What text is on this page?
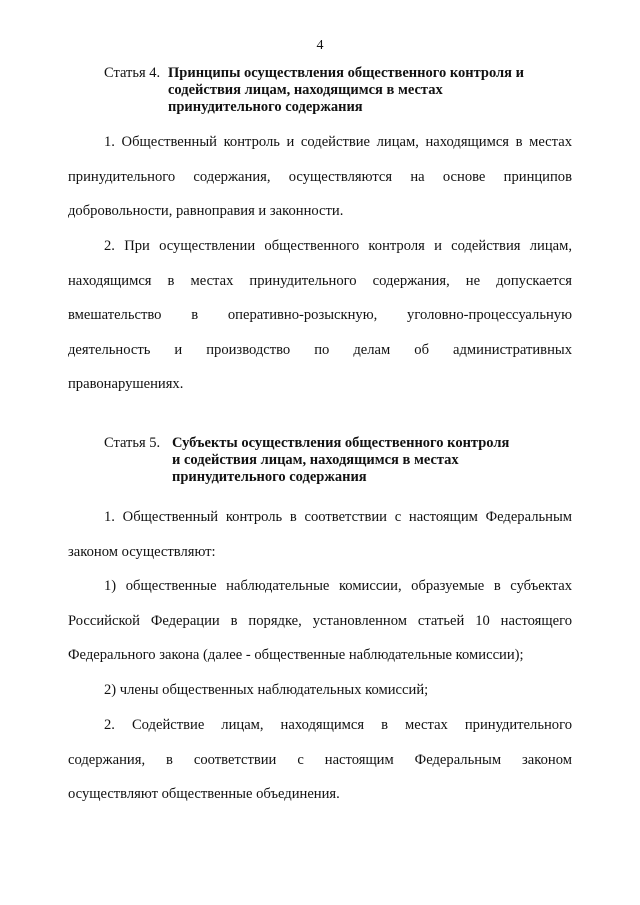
4
Статья 4. Принципы осуществления общественного контроля и
содействия лицам, находящимся в местах
принудительного содержания
1. Общественный контроль и содействие лицам, находящимся в местах
принудительного содержания, осуществляются на основе принципов
добровольности, равноправия и законности.
2. При осуществлении общественного контроля и содействия лицам,
находящимся в местах принудительного содержания, не допускается
вмешательство в оперативно-розыскную, уголовно-процессуальную
деятельность и производство по делам об административных
правонарушениях.
Статья 5. Субъекты осуществления общественного контроля
и содействия лицам, находящимся в местах
принудительного содержания
1. Общественный контроль в соответствии с настоящим Федеральным
законом осуществляют:
1) общественные наблюдательные комиссии, образуемые в субъектах
Российской Федерации в порядке, установленном статьей 10 настоящего
Федерального закона (далее - общественные наблюдательные комиссии);
2) члены общественных наблюдательных комиссий;
2. Содействие лицам, находящимся в местах принудительного
содержания, в соответствии с настоящим Федеральным законом
осуществляют общественные объединения.
